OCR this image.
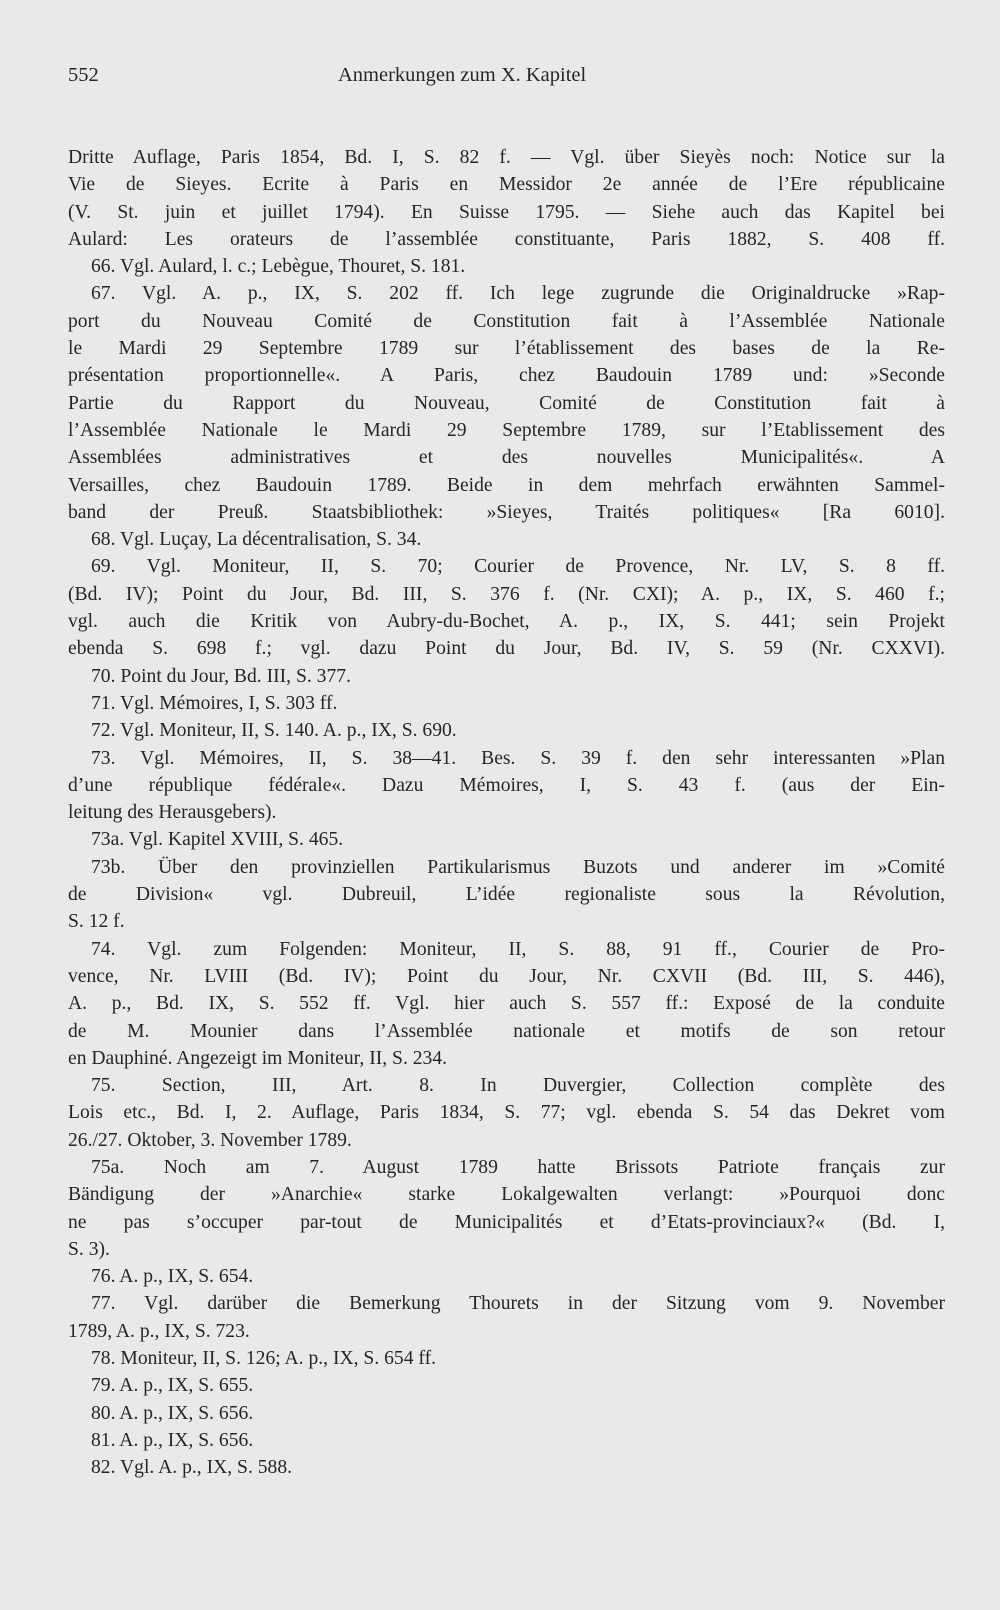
552	Anmerkungen zum X. Kapitel
Dritte Auflage, Paris 1854, Bd. I, S. 82 f. — Vgl. über Sieyès noch: Notice sur la
Vie de Sieyes. Ecrite à Paris en Messidor 2e année de l’Ere républicaine
(V. St. juin et juillet 1794). En Suisse 1795. — Siehe auch das Kapitel bei
Aulard: Les orateurs de l’assemblée constituante, Paris 1882, S. 408 ff.
66. Vgl. Aulard, l. c.; Lebègue, Thouret, S. 181.
67. Vgl. A. p., IX, S. 202 ff. Ich lege zugrunde die Originaldrucke »Rap-
port du Nouveau Comité de Constitution fait à l’Assemblée Nationale
le Mardi 29 Septembre 1789 sur l’établissement des bases de la Re-
présentation proportionnelle«. A Paris, chez Baudouin 1789 und: »Seconde
Partie du Rapport du Nouveau, Comité de Constitution fait à
l’Assemblée Nationale le Mardi 29 Septembre 1789, sur l’Etablissement des
Assemblées administratives et des nouvelles Municipalités«. A
Versailles, chez Baudouin 1789. Beide in dem mehrfach erwähnten Sammel-
band der Preuß. Staatsbibliothek: »Sieyes, Traités politiques« [Ra 6010].
68. Vgl. Luçay, La décentralisation, S. 34.
69. Vgl. Moniteur, II, S. 70; Courier de Provence, Nr. LV, S. 8 ff.
(Bd. IV); Point du Jour, Bd. III, S. 376 f. (Nr. CXI); A. p., IX, S. 460 f.;
vgl. auch die Kritik von Aubry-du-Bochet, A. p., IX, S. 441; sein Projekt
ebenda S. 698 f.; vgl. dazu Point du Jour, Bd. IV, S. 59 (Nr. CXXVI).
70. Point du Jour, Bd. III, S. 377.
71. Vgl. Mémoires, I, S. 303 ff.
72. Vgl. Moniteur, II, S. 140. A. p., IX, S. 690.
73. Vgl. Mémoires, II, S. 38—41. Bes. S. 39 f. den sehr interessanten »Plan
d’une république fédérale«. Dazu Mémoires, I, S. 43 f. (aus der Ein-
leitung des Herausgebers).
73a. Vgl. Kapitel XVIII, S. 465.
73b. Über den provinziellen Partikularismus Buzots und anderer im »Comité
de Division« vgl. Dubreuil, L’idée regionaliste sous la Révolution,
S. 12 f.
74. Vgl. zum Folgenden: Moniteur, II, S. 88, 91 ff., Courier de Pro-
vence, Nr. LVIII (Bd. IV); Point du Jour, Nr. CXVII (Bd. III, S. 446),
A. p., Bd. IX, S. 552 ff. Vgl. hier auch S. 557 ff.: Exposé de la conduite
de M. Mounier dans l’Assemblée nationale et motifs de son retour
en Dauphiné. Angezeigt im Moniteur, II, S. 234.
75. Section, III, Art. 8. In Duvergier, Collection complète des
Lois etc., Bd. I, 2. Auflage, Paris 1834, S. 77; vgl. ebenda S. 54 das Dekret vom
26./27. Oktober, 3. November 1789.
75a. Noch am 7. August 1789 hatte Brissots Patriote français zur
Bändigung der »Anarchie« starke Lokalgewalten verlangt: »Pourquoi donc
ne pas s’occuper par-tout de Municipalités et d’Etats-provinciaux?« (Bd. I,
S. 3).
76. A. p., IX, S. 654.
77. Vgl. darüber die Bemerkung Thourets in der Sitzung vom 9. November
1789, A. p., IX, S. 723.
78. Moniteur, II, S. 126; A. p., IX, S. 654 ff.
79. A. p., IX, S. 655.
80. A. p., IX, S. 656.
81. A. p., IX, S. 656.
82. Vgl. A. p., IX, S. 588.
